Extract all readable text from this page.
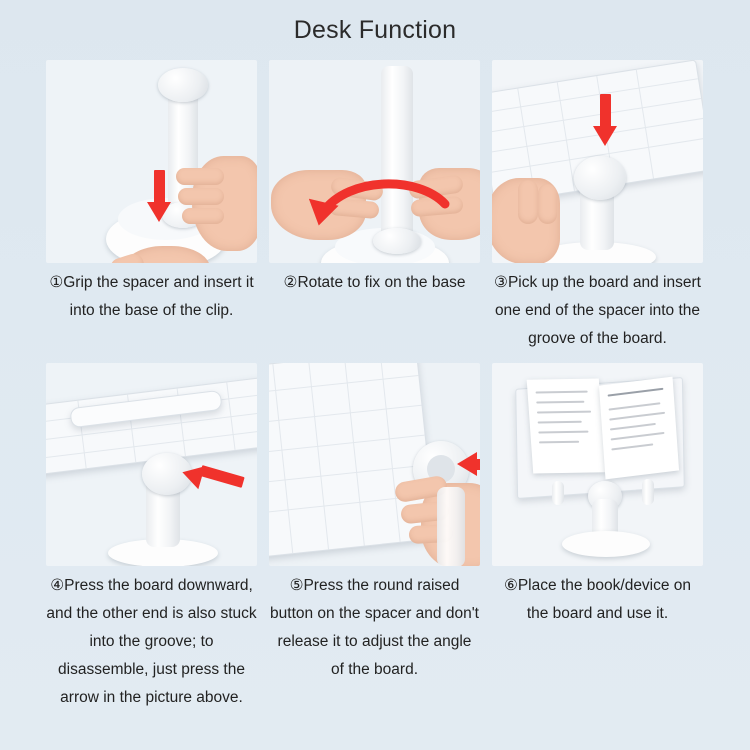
Desk Function
①Grip the spacer and insert it into the base of the clip.
②Rotate to fix on the base	③Pick up the board and insert one end of the spacer into the groove of the board.
④Press the board downward, and the other end is also stuck into the groove; to disassemble, just press the arrow in the picture above.
⑤Press the round raised button on the spacer and don't release it to adjust the angle of the board.
⑥Place the book/device on the board and use it.
